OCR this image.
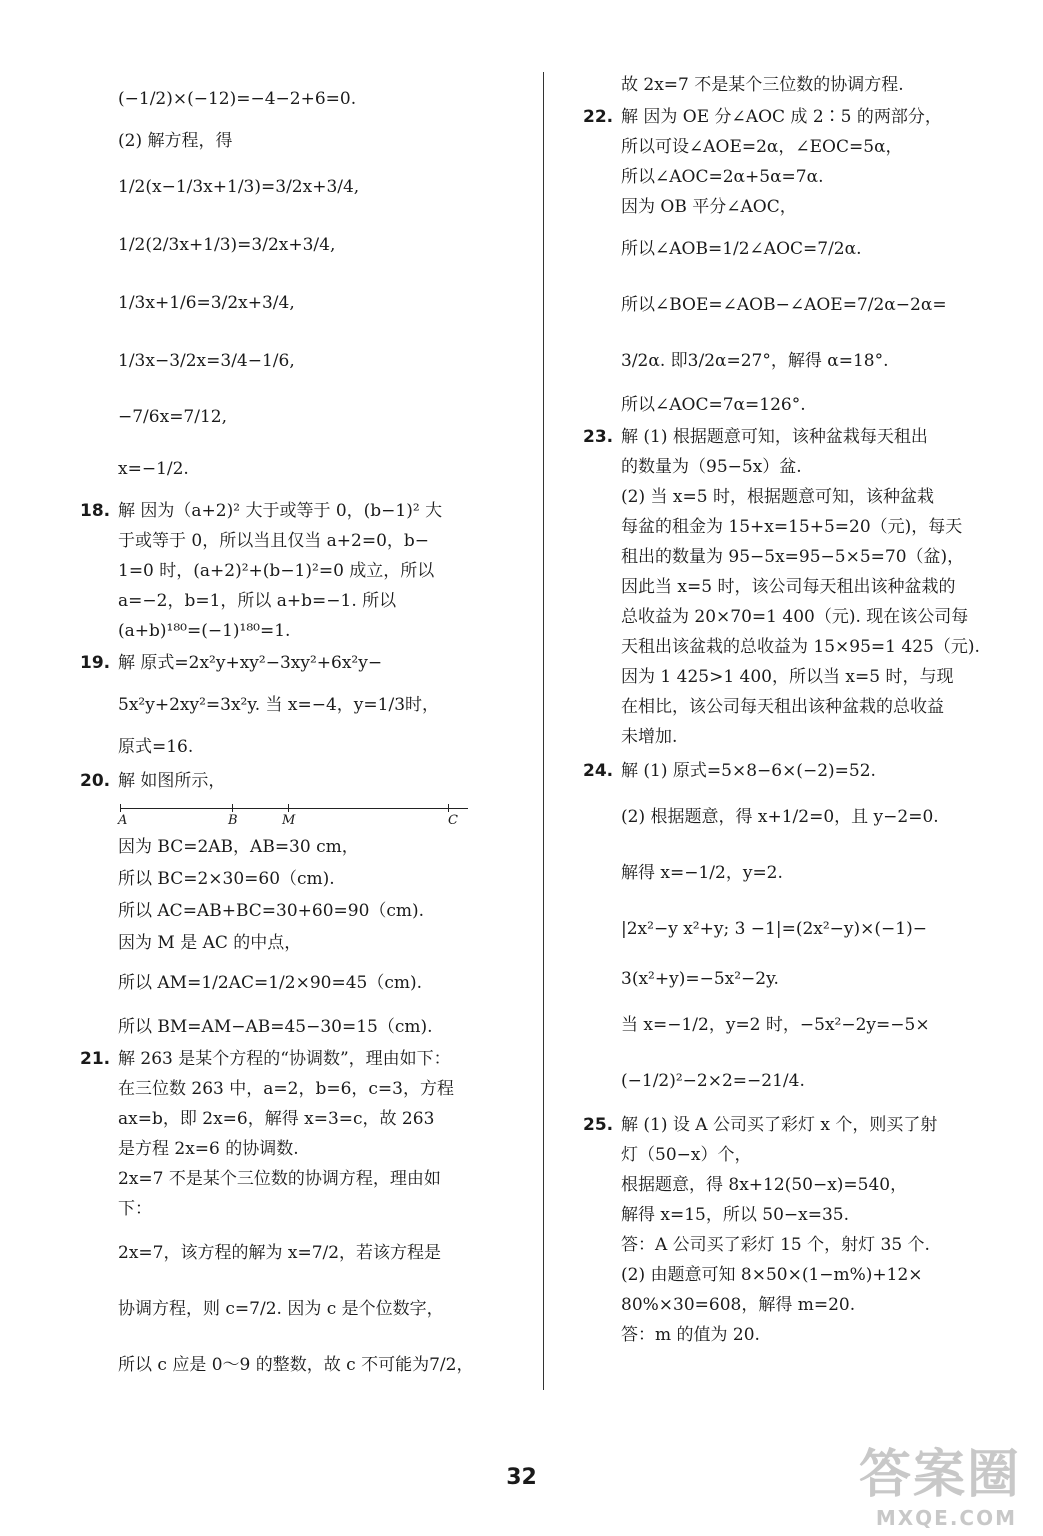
(−1/2)×(−12)=−4−2+6=0.
(2) 解方程，得
1/2(x−1/3x+1/3)=3/2x+3/4,
1/2(2/3x+1/3)=3/2x+3/4,
1/3x+1/6=3/2x+3/4,
1/3x−3/2x=3/4−1/6,
−7/6x=7/12,
x=−1/2.
18. 解 因为（a+2)² 大于或等于 0，(b−1)² 大
于或等于 0，所以当且仅当 a+2=0，b−
1=0 时，(a+2)²+(b−1)²=0 成立，所以
a=−2，b=1，所以 a+b=−1. 所以
(a+b)¹⁸⁰=(−1)¹⁸⁰=1.
19. 解 原式=2x²y+xy²−3xy²+6x²y−
5x²y+2xy²=3x²y. 当 x=−4，y=1/3时，
原式=16.
20. 解 如图所示，
A	B	M	C
因为 BC=2AB，AB=30 cm，
所以 BC=2×30=60（cm).
所以 AC=AB+BC=30+60=90（cm).
因为 M 是 AC 的中点，
所以 AM=1/2AC=1/2×90=45（cm).
所以 BM=AM−AB=45−30=15（cm).
21. 解 263 是某个方程的“协调数”，理由如下：
在三位数 263 中，a=2，b=6，c=3，方程
ax=b，即 2x=6，解得 x=3=c，故 263
是方程 2x=6 的协调数.
2x=7 不是某个三位数的协调方程，理由如
下：
2x=7，该方程的解为 x=7/2，若该方程是
协调方程，则 c=7/2. 因为 c 是个位数字，
所以 c 应是 0～9 的整数，故 c 不可能为7/2，
故 2x=7 不是某个三位数的协调方程.
22. 解 因为 OE 分∠AOC 成 2∶5 的两部分，
所以可设∠AOE=2α，∠EOC=5α，
所以∠AOC=2α+5α=7α.
因为 OB 平分∠AOC，
所以∠AOB=1/2∠AOC=7/2α.
所以∠BOE=∠AOB−∠AOE=7/2α−2α=
3/2α. 即3/2α=27°，解得 α=18°.
所以∠AOC=7α=126°.
23. 解 (1) 根据题意可知，该种盆栽每天租出
的数量为（95−5x）盆.
(2) 当 x=5 时，根据题意可知，该种盆栽
每盆的租金为 15+x=15+5=20（元)，每天
租出的数量为 95−5x=95−5×5=70（盆)，
因此当 x=5 时，该公司每天租出该种盆栽的
总收益为 20×70=1 400（元). 现在该公司每
天租出该盆栽的总收益为 15×95=1 425（元).
因为 1 425>1 400，所以当 x=5 时，与现
在相比，该公司每天租出该种盆栽的总收益
未增加.
24. 解 (1) 原式=5×8−6×(−2)=52.
(2) 根据题意，得 x+1/2=0，且 y−2=0.
解得 x=−1/2，y=2.
|2x²−y x²+y; 3 −1|=(2x²−y)×(−1)−
3(x²+y)=−5x²−2y.
当 x=−1/2，y=2 时，−5x²−2y=−5×
(−1/2)²−2×2=−21/4.
25. 解 (1) 设 A 公司买了彩灯 x 个，则买了射
灯（50−x）个，
根据题意，得 8x+12(50−x)=540，
解得 x=15，所以 50−x=35.
答：A 公司买了彩灯 15 个，射灯 35 个.
(2) 由题意可知 8×50×(1−m%)+12×
80%×30=608，解得 m=20.
答：m 的值为 20.
32	答案圈
MXQE.COM
